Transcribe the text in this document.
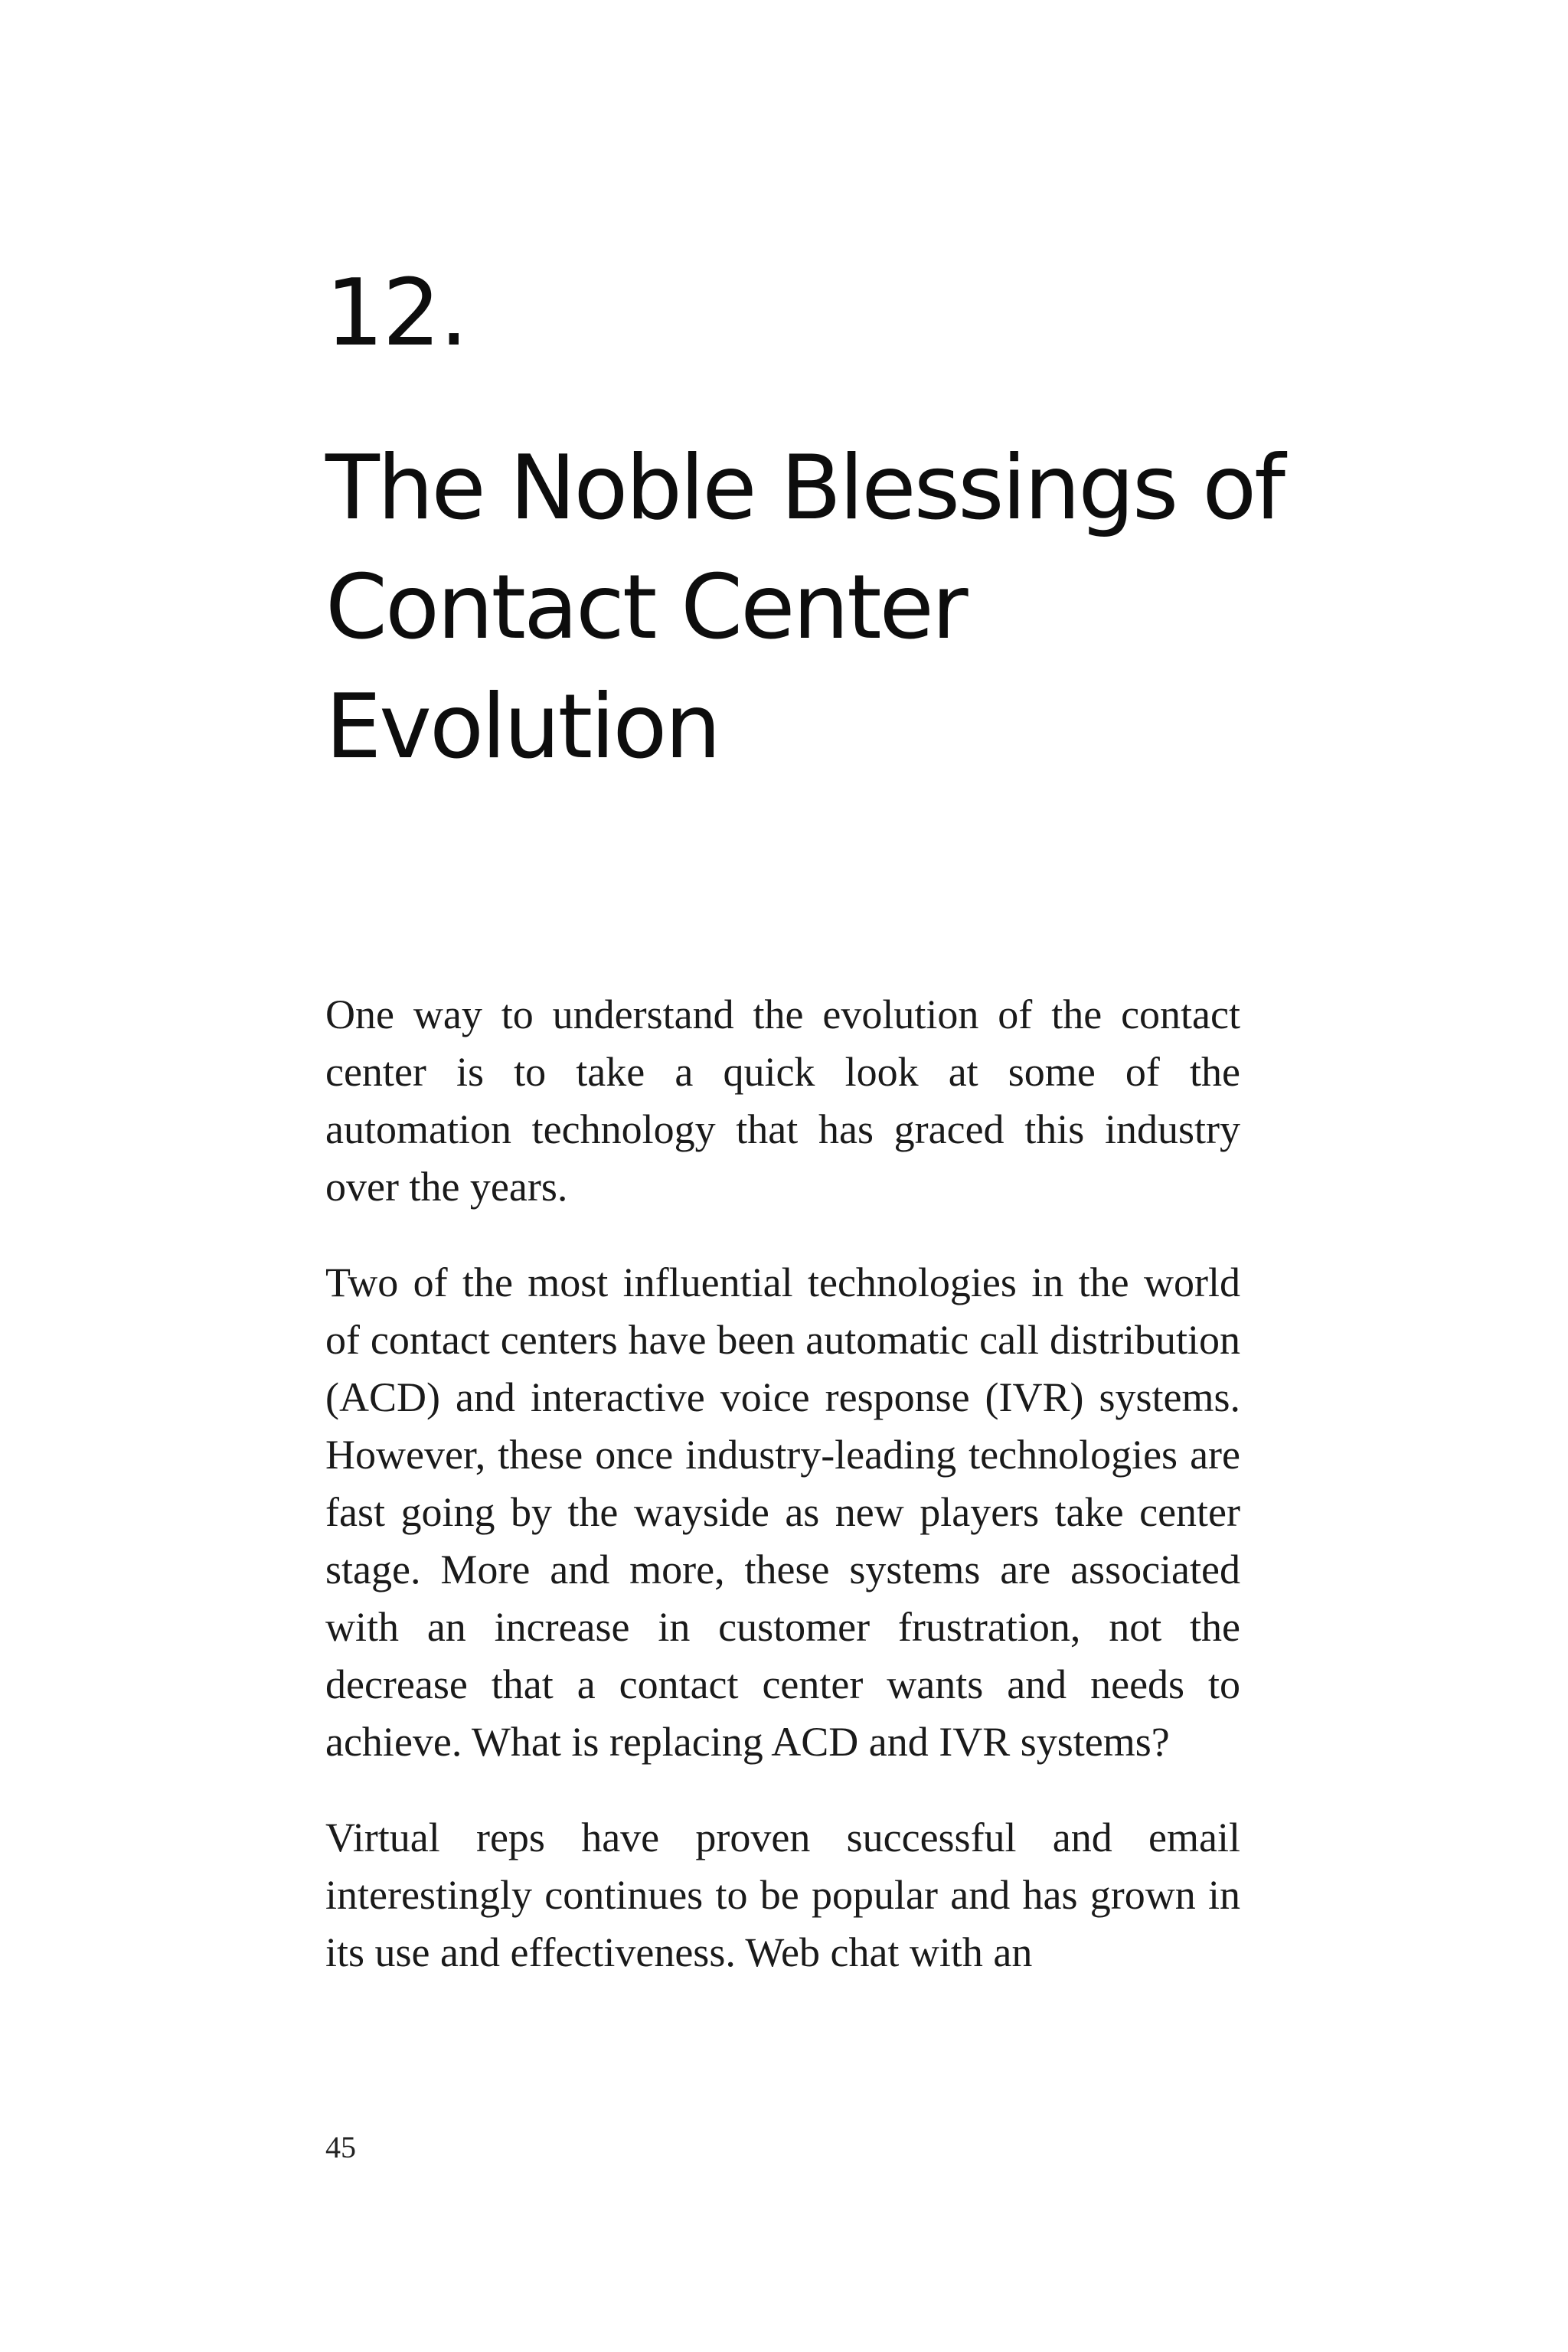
12.
The Noble Blessings of Contact Center Evolution

One way to understand the evolution of the contact center is to take a quick look at some of the automation technology that has graced this industry over the years.

Two of the most influential technologies in the world of contact centers have been automatic call distribution (ACD) and interactive voice response (IVR) systems. However, these once industry-leading technologies are fast going by the wayside as new players take center stage. More and more, these systems are associated with an increase in customer frustration, not the decrease that a contact center wants and needs to achieve. What is replacing ACD and IVR systems?

Virtual reps have proven successful and email interestingly continues to be popular and has grown in its use and effectiveness. Web chat with an

45
